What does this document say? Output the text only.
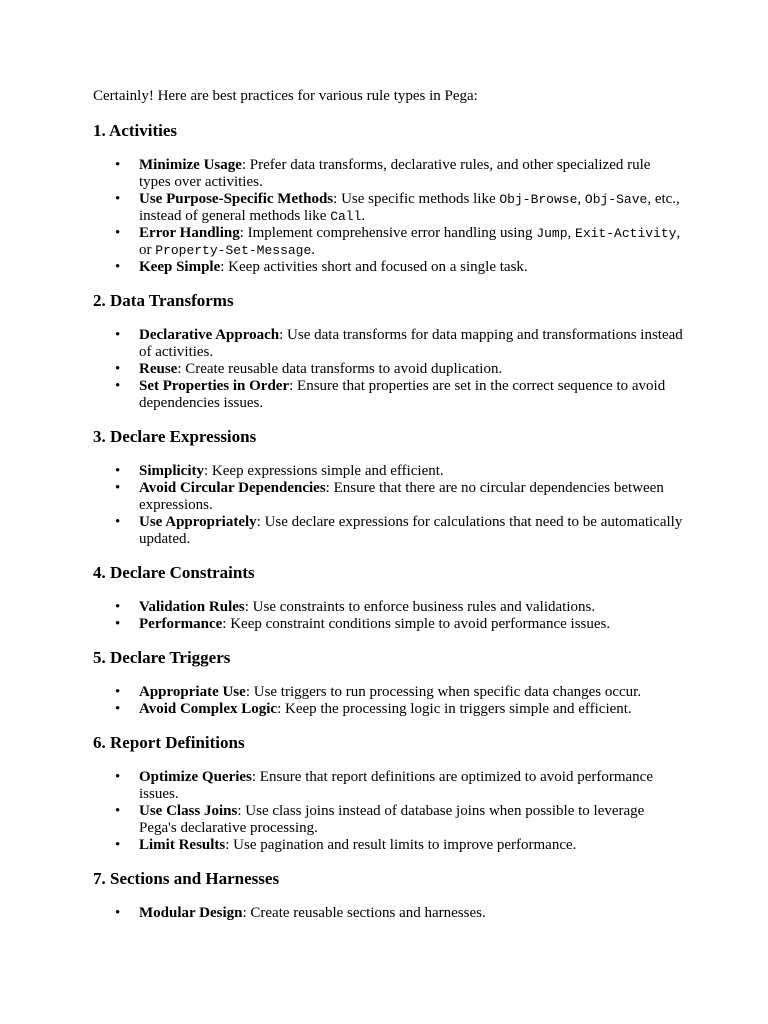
Certainly! Here are best practices for various rule types in Pega:

1. Activities
• Minimize Usage: Prefer data transforms, declarative rules, and other specialized rule types over activities.
• Use Purpose-Specific Methods: Use specific methods like Obj-Browse, Obj-Save, etc., instead of general methods like Call.
• Error Handling: Implement comprehensive error handling using Jump, Exit-Activity, or Property-Set-Message.
• Keep Simple: Keep activities short and focused on a single task.
2. Data Transforms
• Declarative Approach: Use data transforms for data mapping and transformations instead of activities.
• Reuse: Create reusable data transforms to avoid duplication.
• Set Properties in Order: Ensure that properties are set in the correct sequence to avoid dependencies issues.
3. Declare Expressions
• Simplicity: Keep expressions simple and efficient.
• Avoid Circular Dependencies: Ensure that there are no circular dependencies between expressions.
• Use Appropriately: Use declare expressions for calculations that need to be automatically updated.
4. Declare Constraints
• Validation Rules: Use constraints to enforce business rules and validations.
• Performance: Keep constraint conditions simple to avoid performance issues.
5. Declare Triggers
• Appropriate Use: Use triggers to run processing when specific data changes occur.
• Avoid Complex Logic: Keep the processing logic in triggers simple and efficient.
6. Report Definitions
• Optimize Queries: Ensure that report definitions are optimized to avoid performance issues.
• Use Class Joins: Use class joins instead of database joins when possible to leverage Pega's declarative processing.
• Limit Results: Use pagination and result limits to improve performance.
7. Sections and Harnesses
• Modular Design: Create reusable sections and harnesses.
